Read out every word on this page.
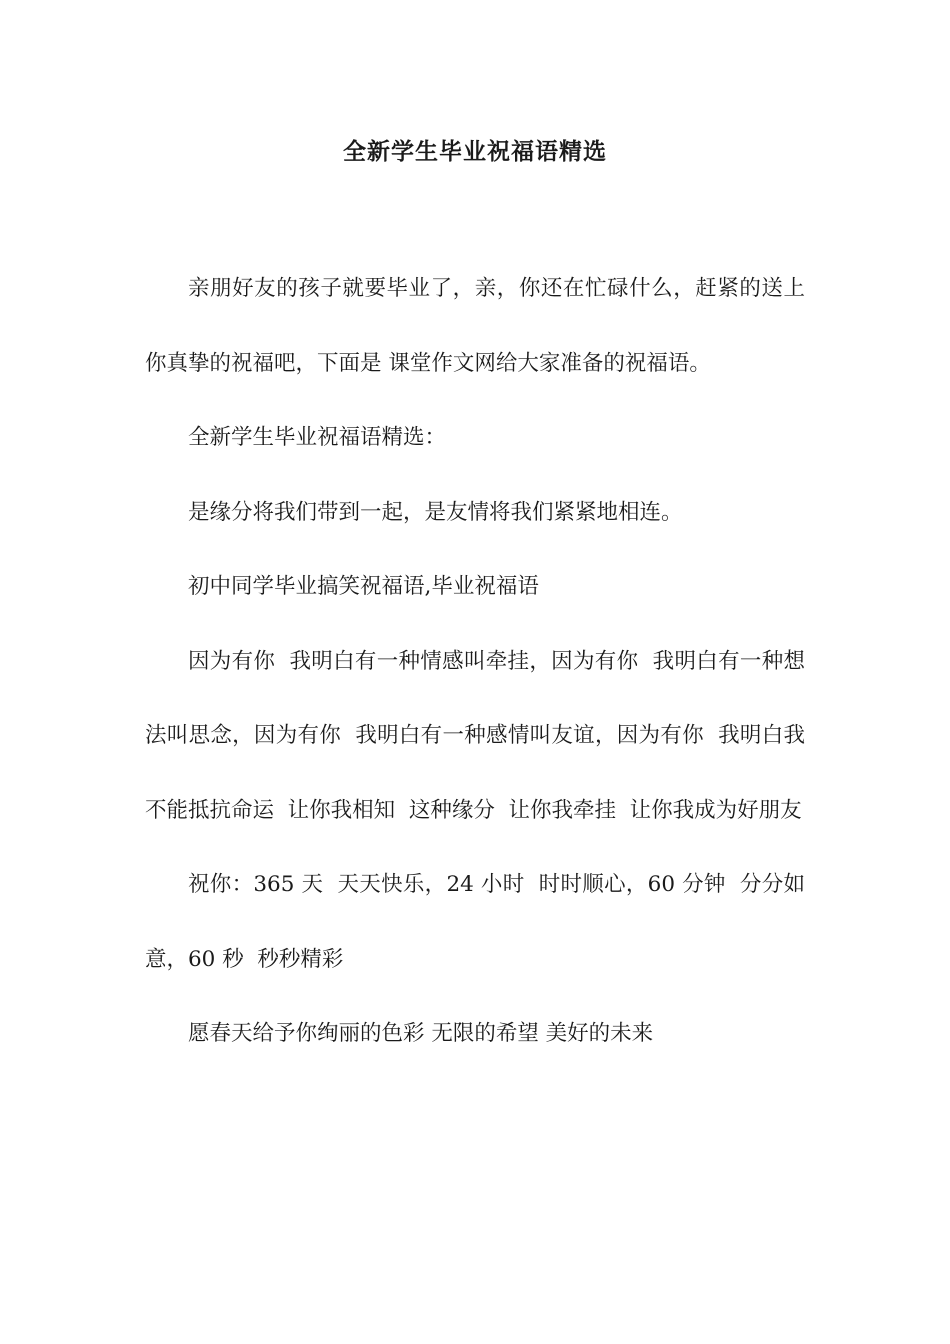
全新学生毕业祝福语精选

亲朋好友的孩子就要毕业了，亲，你还在忙碌什么，赶紧的送上你真挚的祝福吧，下面是 课堂作文网给大家准备的祝福语。

全新学生毕业祝福语精选：

是缘分将我们带到一起，是友情将我们紧紧地相连。

初中同学毕业搞笑祝福语,毕业祝福语

因为有你  我明白有一种情感叫牵挂，因为有你  我明白有一种想法叫思念，因为有你  我明白有一种感情叫友谊，因为有你  我明白我不能抵抗命运  让你我相知  这种缘分  让你我牵挂  让你我成为好朋友

祝你：365 天  天天快乐，24 小时  时时顺心，60 分钟  分分如意，60 秒  秒秒精彩

愿春天给予你绚丽的色彩 无限的希望 美好的未来
